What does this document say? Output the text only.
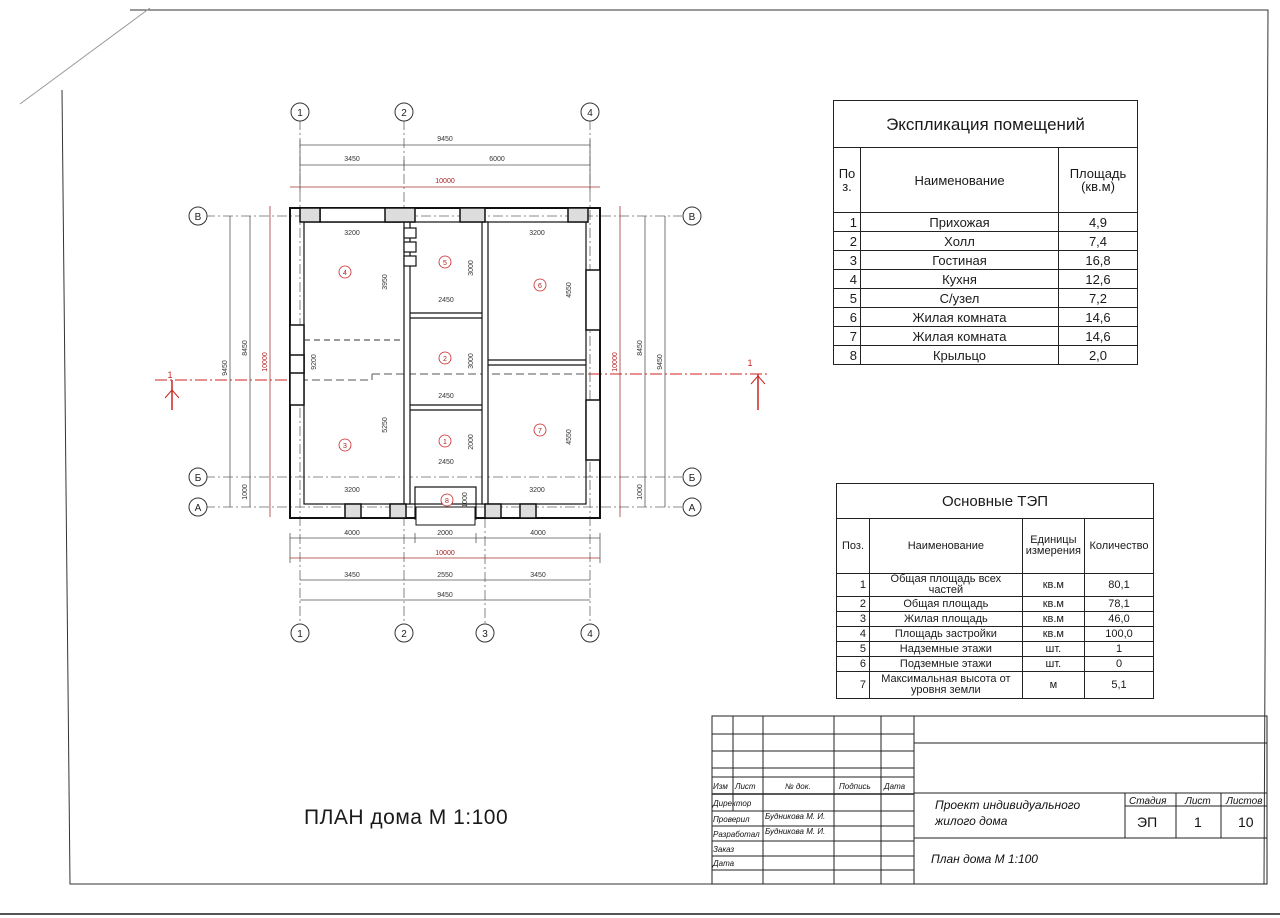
1	2	4
1	2	3	4
В
Б
А
В
Б
А
1
1
4
5
6
2
3
1
7
8
9450
3450	6000
10000
4000	2000	4000
10000
3450	2550	3450
9450
3200	3200
3200	3200
2450
2450
2450
9450
8450
10000	9200
1000
8450
10000	9450
1000
3950
5250
3000
3000
2000
4550
4550
1000
Экспликация помещений		
По з.	Наименование	Площадь (кв.м)
1	Прихожая	4,9
2	Холл	7,4
3	Гостиная	16,8
4	Кухня	12,6
5	С/узел	7,2
6	Жилая комната	14,6
7	Жилая комната	14,6
8	Крыльцо	2,0
Основные ТЭП			
Поз.	Наименование	Единицы измерения	Количество
1	Общая площадь всех частей	кв.м	80,1
2	Общая площадь	кв.м	78,1
3	Жилая площадь	кв.м	46,0
4	Площадь застройки	кв.м	100,0
5	Надземные этажи	шт.	1
6	Подземные этажи	шт.	0
7	Максимальная высота от уровня земли	м	5,1
ПЛАН дома М 1:100
Изм Лист	№ док.	Подпись Дата
Директор
Проверил Будникова М. И.
Разработал Будникова М. И.
Заказ
Дата
Проект индивидуального
жилого дома
Стадия Лист Листов
ЭП	1	10
План дома М 1:100
